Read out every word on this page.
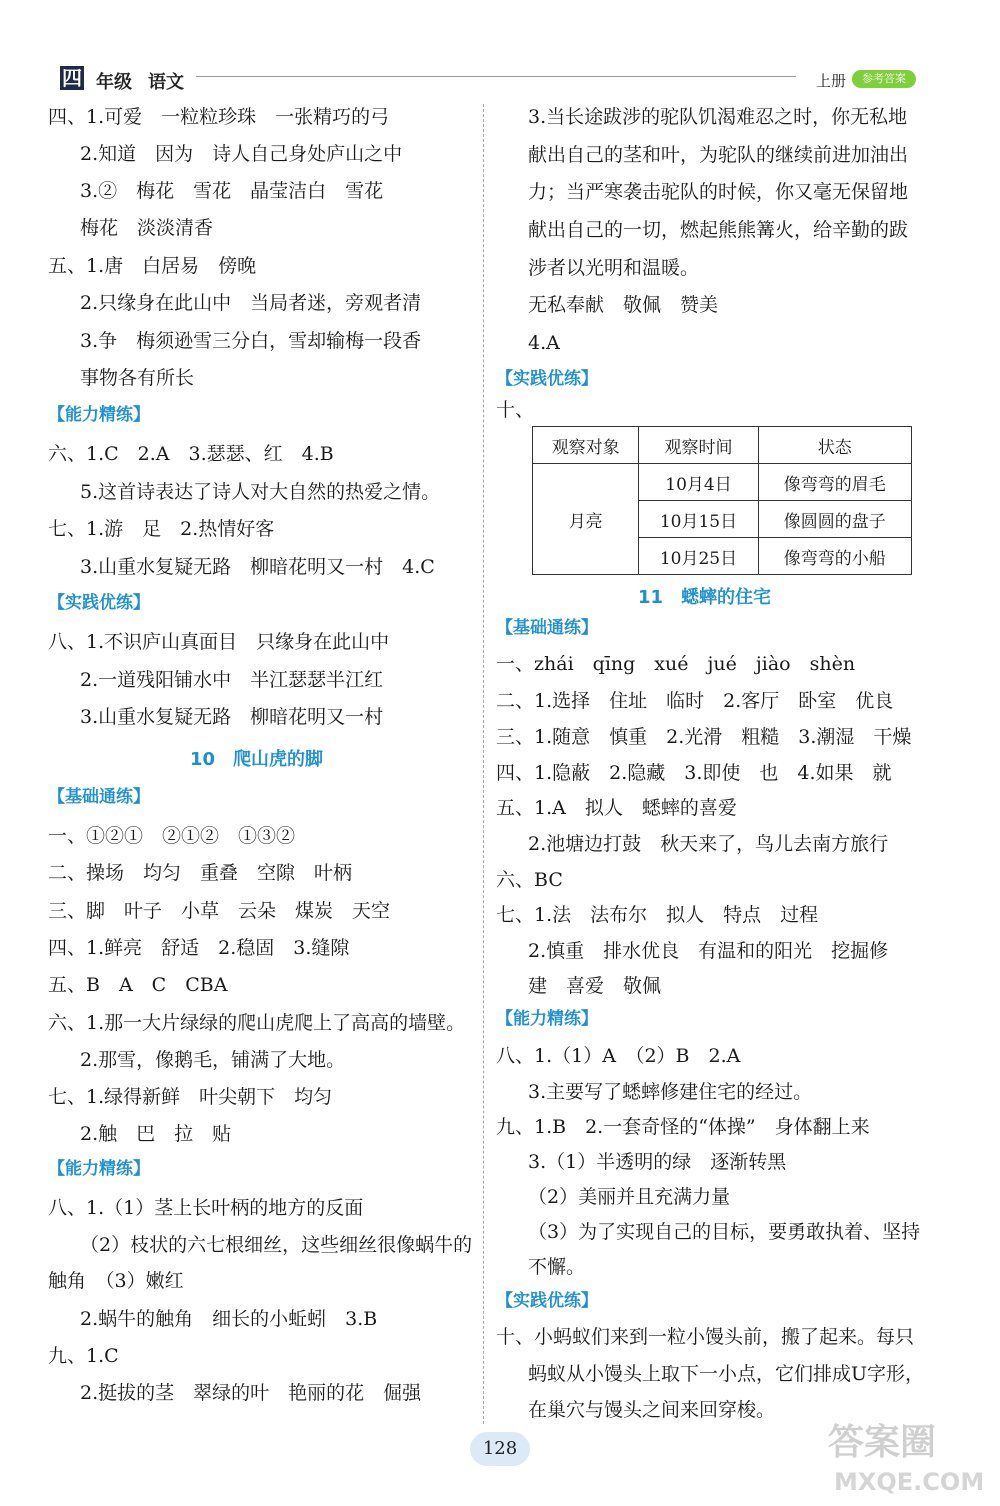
四 年级 语文	上册	参考答案
四、1.可爱　一粒粒珍珠　一张精巧的弓
2.知道　因为　诗人自己身处庐山之中
3.②　梅花　雪花　晶莹洁白　雪花
梅花　淡淡清香
五、1.唐　白居易　傍晚
2.只缘身在此山中　当局者迷，旁观者清
3.争　梅须逊雪三分白，雪却输梅一段香
事物各有所长
【能力精练】
六、1.C　2.A　3.瑟瑟、红　4.B
5.这首诗表达了诗人对大自然的热爱之情。
七、1.游　足　2.热情好客
3.山重水复疑无路　柳暗花明又一村　4.C
【实践优练】
八、1.不识庐山真面目　只缘身在此山中
2.一道残阳铺水中　半江瑟瑟半江红
3.山重水复疑无路　柳暗花明又一村
10 爬山虎的脚
【基础通练】
一、①②①　②①②　①③②
二、操场　均匀　重叠　空隙　叶柄
三、脚　叶子　小草　云朵　煤炭　天空
四、1.鲜亮　舒适　2.稳固　3.缝隙
五、B　A　C　CBA
六、1.那一大片绿绿的爬山虎爬上了高高的墙壁。
2.那雪，像鹅毛，铺满了大地。
七、1.绿得新鲜　叶尖朝下　均匀
2.触　巴　拉　贴
【能力精练】
八、1.（1）茎上长叶柄的地方的反面
（2）枝状的六七根细丝，这些细丝很像蜗牛的
触角　（3）嫩红
2.蜗牛的触角　细长的小蚯蚓　3.B
九、1.C
2.挺拔的茎　翠绿的叶　艳丽的花　倔强
3.当长途跋涉的驼队饥渴难忍之时，你无私地
献出自己的茎和叶，为驼队的继续前进加油出
力；当严寒袭击驼队的时候，你又毫无保留地
献出自己的一切，燃起熊熊篝火，给辛勤的跋
涉者以光明和温暖。
无私奉献　敬佩　赞美
4.A
【实践优练】
十、
观察对象	观察时间	状态
月亮	10月4日	像弯弯的眉毛
	10月15日	像圆圆的盘子
	10月25日	像弯弯的小船
11 蟋蟀的住宅
【基础通练】
一、zhái　qīng　xué　jué　jiào　shèn
二、1.选择　住址　临时　2.客厅　卧室　优良
三、1.随意　慎重　2.光滑　粗糙　3.潮湿　干燥
四、1.隐蔽　2.隐藏　3.即使　也　4.如果　就
五、1.A　拟人　蟋蟀的喜爱
2.池塘边打鼓　秋天来了，鸟儿去南方旅行
六、BC
七、1.法　法布尔　拟人　特点　过程
2.慎重　排水优良　有温和的阳光　挖掘修
建　喜爱　敬佩
【能力精练】
八、1.（1）A　（2）B　2.A
3.主要写了蟋蟀修建住宅的经过。
九、1.B　2.一套奇怪的“体操”　身体翻上来
3.（1）半透明的绿　逐渐转黑
（2）美丽并且充满力量
（3）为了实现自己的目标，要勇敢执着、坚持
不懈。
【实践优练】
十、小蚂蚁们来到一粒小馒头前，搬了起来。每只
蚂蚁从小馒头上取下一小点，它们排成U字形，
在巢穴与馒头之间来回穿梭。
128	答案圈
MXQE.COM
